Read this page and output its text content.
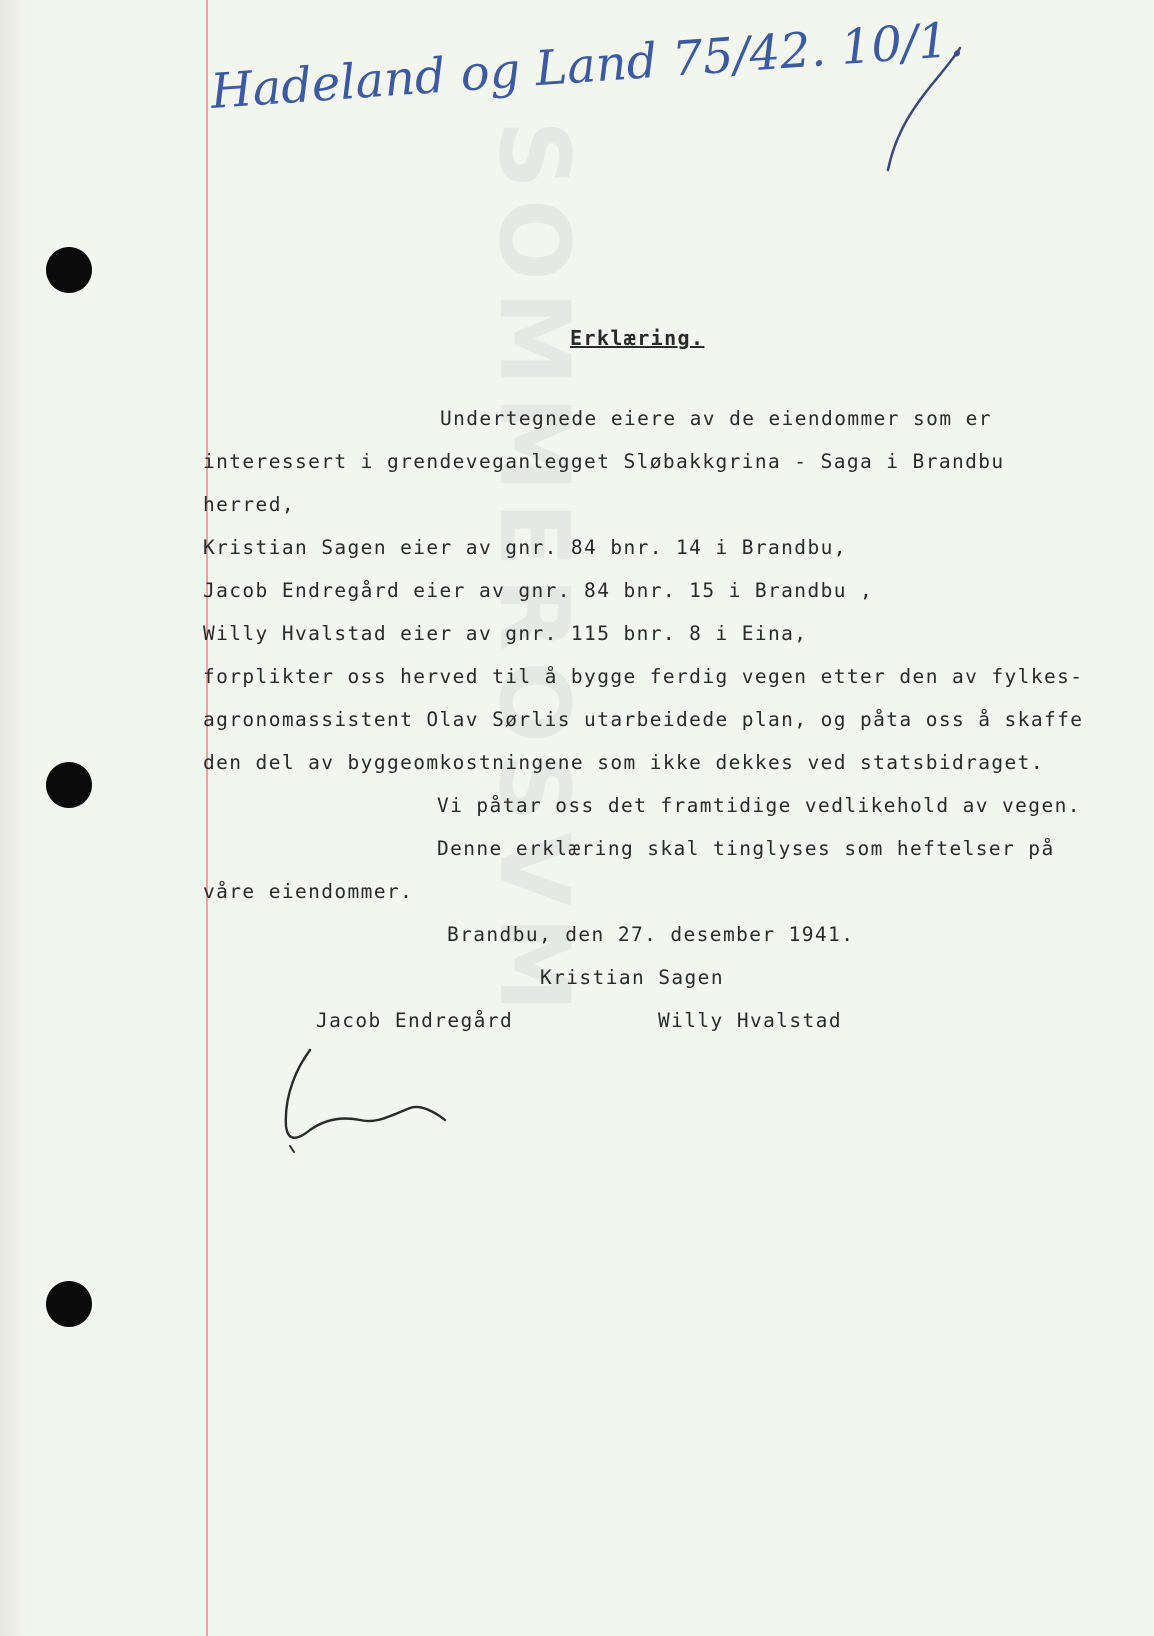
SOMMEROSVM
Hadeland og Land 75/42. 10/1.
Erklæring.
Undertegnede eiere av de eiendommer som er
interessert i grendeveganlegget Sløbakkgrina - Saga i Brandbu
herred,
Kristian Sagen eier av gnr. 84 bnr. 14 i Brandbu,
Jacob Endregård eier av gnr. 84 bnr. 15 i Brandbu ,
Willy Hvalstad eier av gnr. 115 bnr. 8 i Eina,
forplikter oss herved til å bygge ferdig vegen etter den av fylkes-
agronomassistent Olav Sørlis utarbeidede plan, og påta oss å skaffe
den del av byggeomkostningene som ikke dekkes ved statsbidraget.
Vi påtar oss det framtidige vedlikehold av vegen.
Denne erklæring skal tinglyses som heftelser på
våre eiendommer.
Brandbu, den 27. desember 1941.
Kristian Sagen
Jacob Endregård	Willy Hvalstad
